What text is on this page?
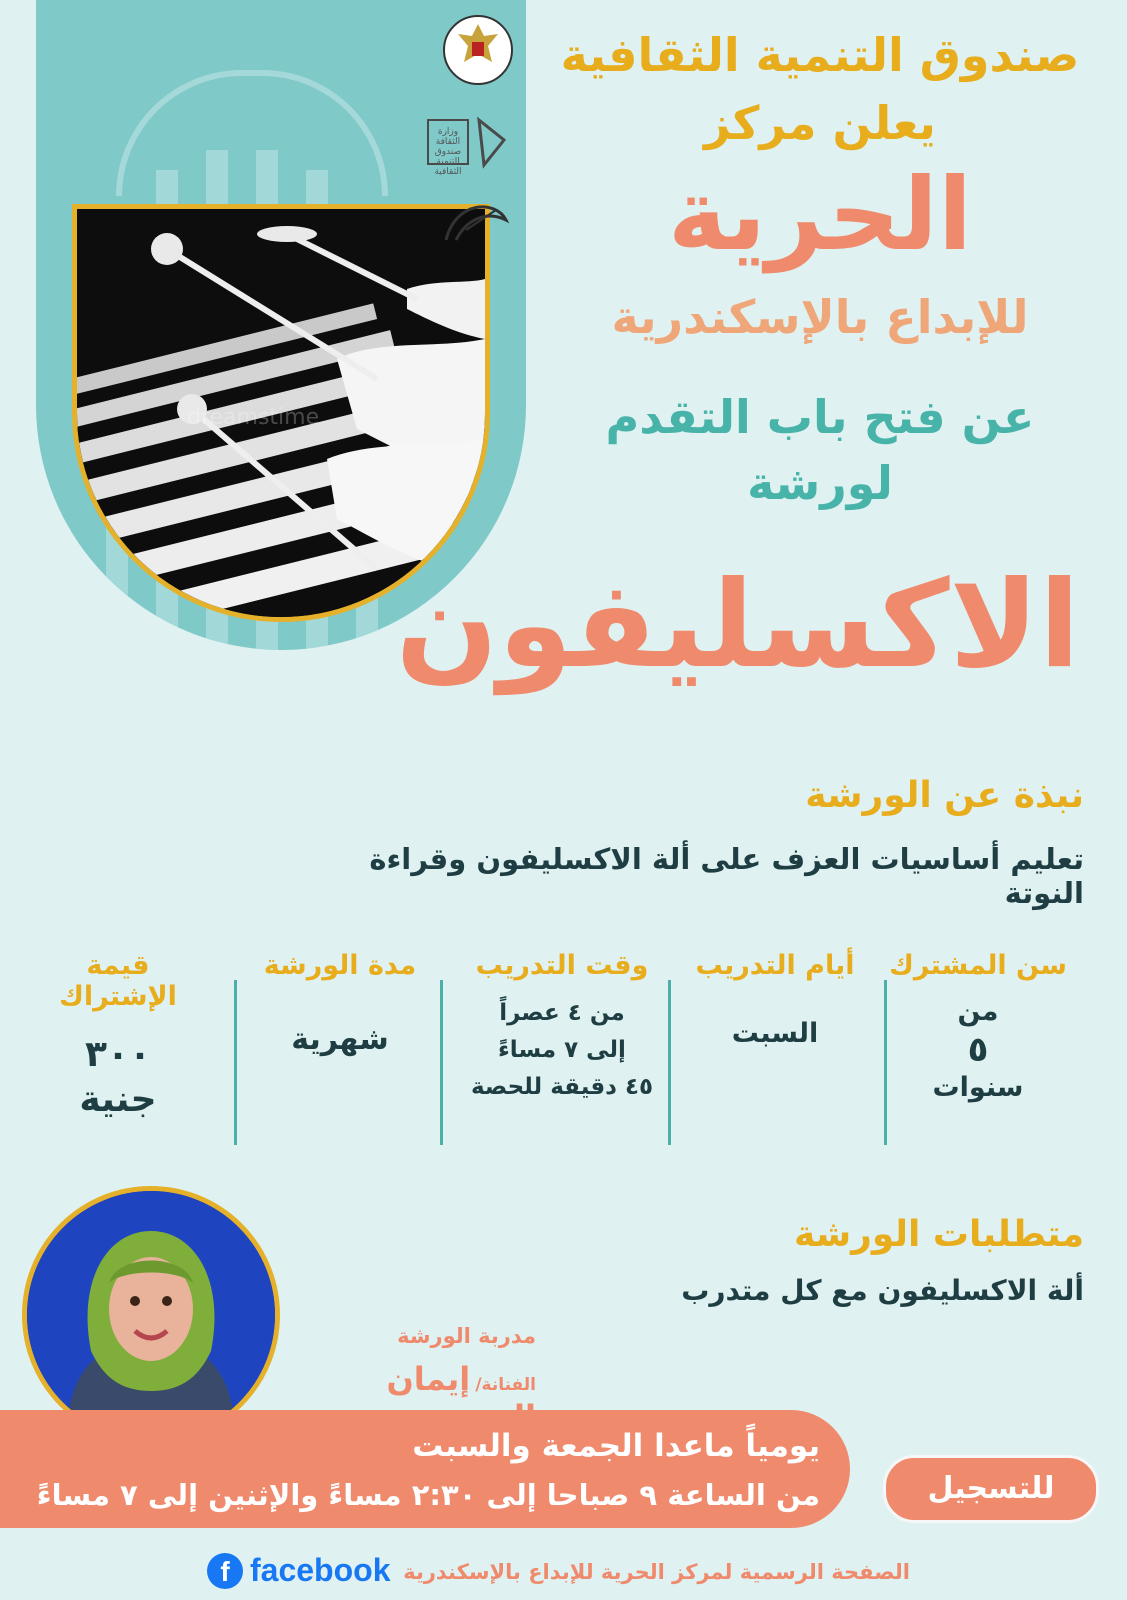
dreamstime
وزارة الثقافة صندوق التنمية الثقافية
صندوق التنمية الثقافية
يعلن مركز
الحرية
للإبداع بالإسكندرية
عن فتح باب التقدم
لورشة
الاكسليفون
نبذة عن الورشة
تعليم أساسيات العزف على ألة الاكسليفون وقراءة النوتة
سن المشترك
من
٥
سنوات
أيام التدريب
السبت
وقت التدريب
من ٤ عصراً
إلى ٧ مساءً
٤٥ دقيقة للحصة
مدة الورشة
شهرية
قيمة الإشتراك
٣٠٠
جنية
متطلبات الورشة
ألة الاكسليفون مع كل متدرب
مدربة الورشة
الفنانة/ إيمان
يومياً ماعدا الجمعة والسبت
من الساعة ٩ صباحا إلى ٢:٣٠ مساءً والإثنين إلى ٧ مساءً	للتسجيل
f facebook الصفحة الرسمية لمركز الحرية للإبداع بالإسكندرية
